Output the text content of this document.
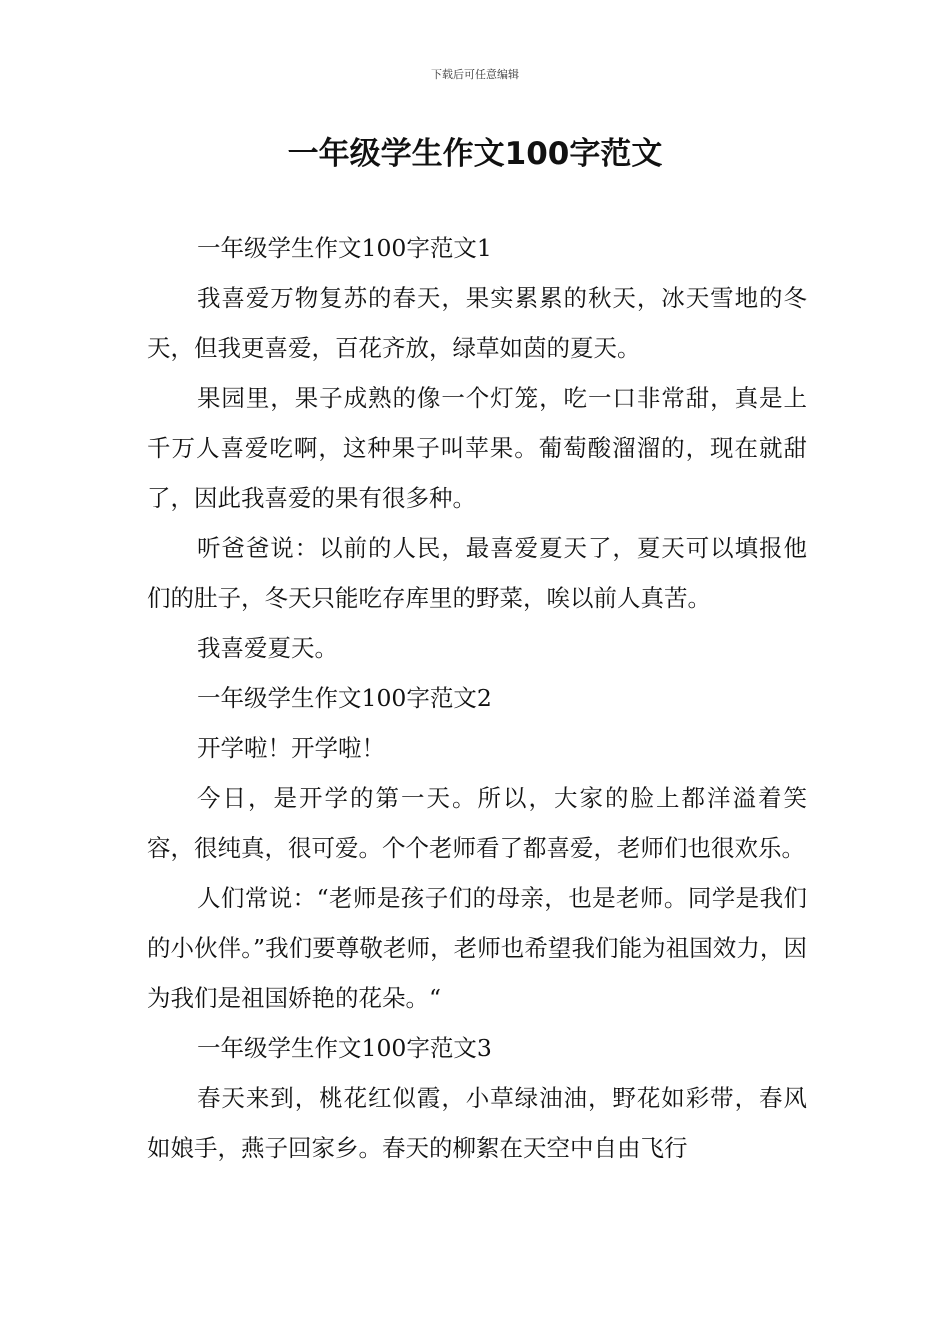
下载后可任意编辑
一年级学生作文100字范文

一年级学生作文100字范文1

我喜爱万物复苏的春天，果实累累的秋天，冰天雪地的冬天，但我更喜爱，百花齐放，绿草如茵的夏天。

果园里，果子成熟的像一个灯笼，吃一口非常甜，真是上千万人喜爱吃啊，这种果子叫苹果。葡萄酸溜溜的，现在就甜了，因此我喜爱的果有很多种。

听爸爸说：以前的人民，最喜爱夏天了，夏天可以填报他们的肚子，冬天只能吃存库里的野菜，唉以前人真苦。

我喜爱夏天。

一年级学生作文100字范文2

开学啦！开学啦！

今日，是开学的第一天。所以，大家的脸上都洋溢着笑容，很纯真，很可爱。个个老师看了都喜爱，老师们也很欢乐。

人们常说：“老师是孩子们的母亲，也是老师。同学是我们的小伙伴。”我们要尊敬老师，老师也希望我们能为祖国效力，因为我们是祖国娇艳的花朵。“

一年级学生作文100字范文3

春天来到，桃花红似霞，小草绿油油，野花如彩带，春风如娘手，燕子回家乡。春天的柳絮在天空中自由飞行
